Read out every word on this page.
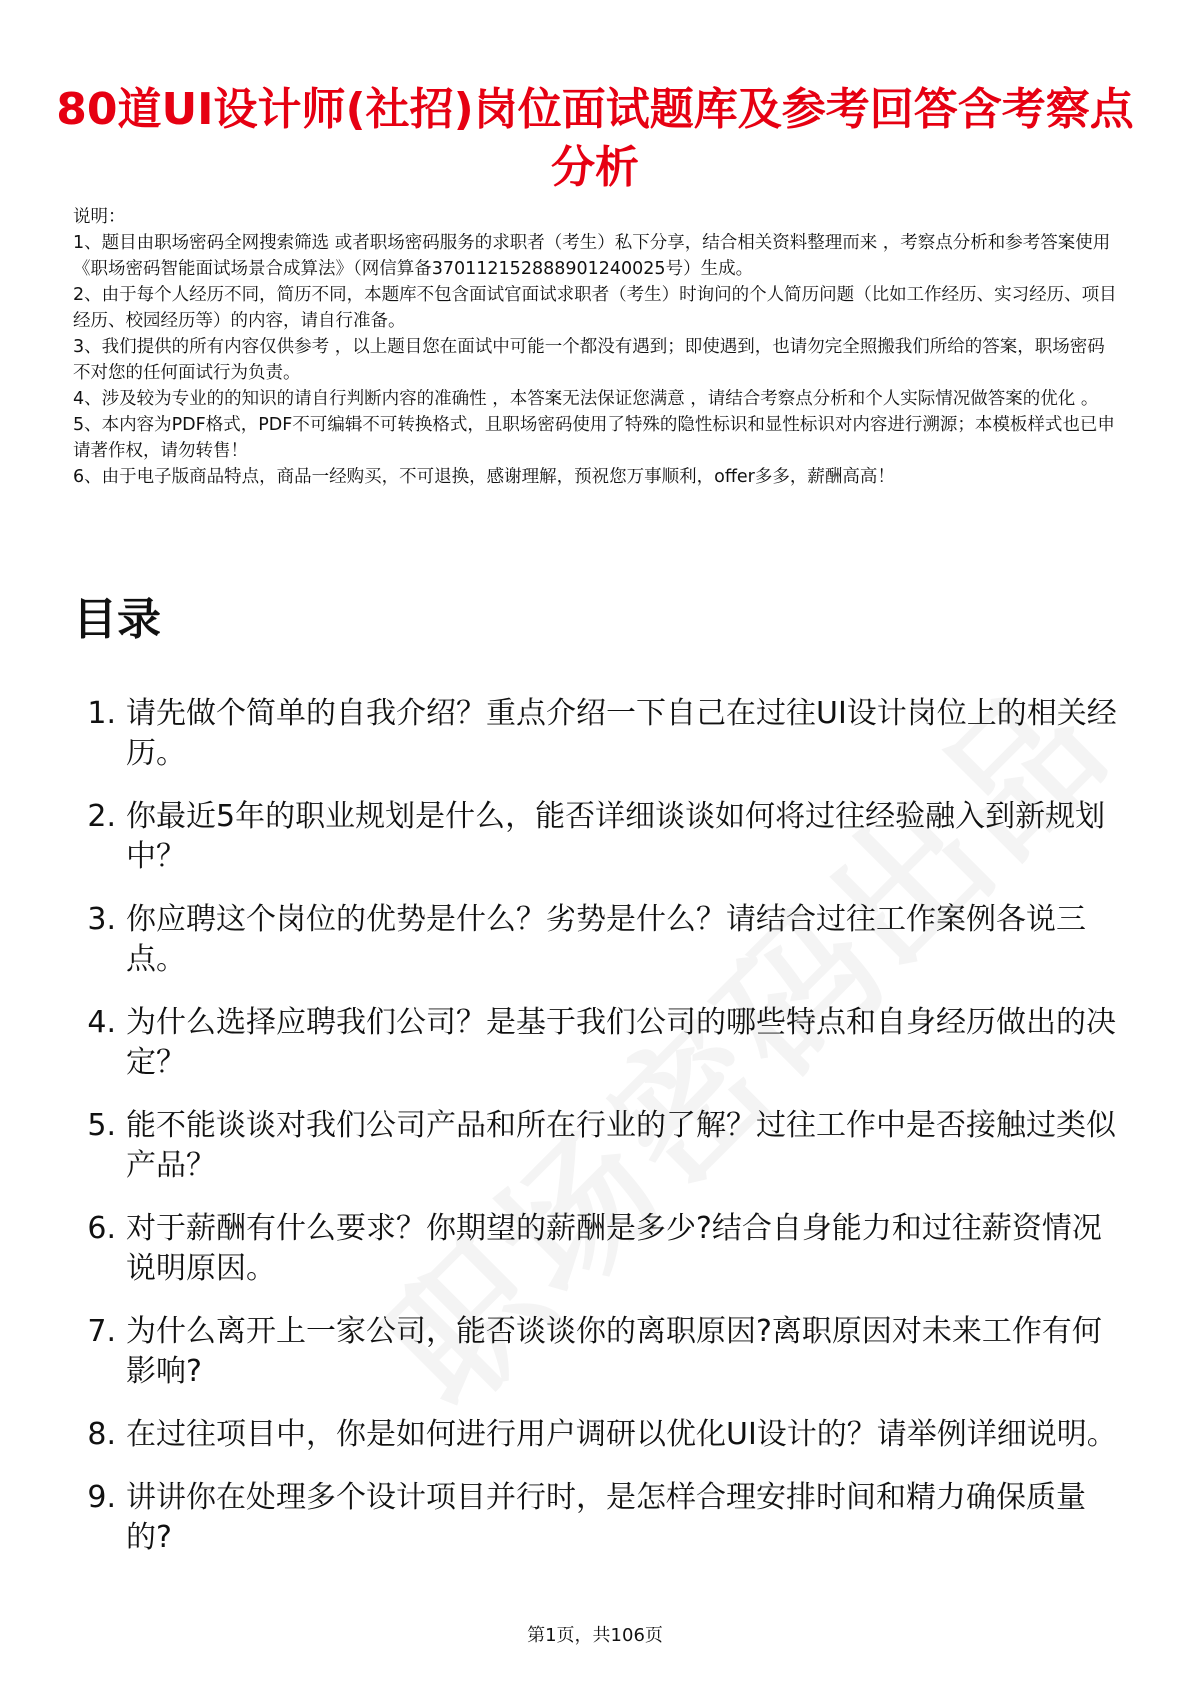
80道UI设计师(社招)岗位面试题库及参考回答含考察点分析

说明：

1、题目由职场密码全网搜索筛选 或者职场密码服务的求职者（考生）私下分享，结合相关资料整理而来 ，考察点分析和参考答案使用《职场密码智能面试场景合成算法》（网信算备370112152888901240025号）生成。

2、由于每个人经历不同，简历不同，本题库不包含面试官面试求职者（考生）时询问的个人简历问题（比如工作经历、实习经历、项目经历、校园经历等）的内容，请自行准备。

3、我们提供的所有内容仅供参考 ，以上题目您在面试中可能一个都没有遇到；即使遇到，也请勿完全照搬我们所给的答案，职场密码不对您的任何面试行为负责。

4、涉及较为专业的的知识的请自行判断内容的准确性 ，本答案无法保证您满意 ，请结合考察点分析和个人实际情况做答案的优化 。

5、本内容为PDF格式，PDF不可编辑不可转换格式，且职场密码使用了特殊的隐性标识和显性标识对内容进行溯源；本模板样式也已申请著作权，请勿转售！

6、由于电子版商品特点，商品一经购买，不可退换，感谢理解，预祝您万事顺利，offer多多，薪酬高高！

目录
1. 请先做个简单的自我介绍？重点介绍一下自己在过往UI设计岗位上的相关经历。
2. 你最近5年的职业规划是什么，能否详细谈谈如何将过往经验融入到新规划中？
3. 你应聘这个岗位的优势是什么？劣势是什么？请结合过往工作案例各说三点。
4. 为什么选择应聘我们公司？是基于我们公司的哪些特点和自身经历做出的决定？
5. 能不能谈谈对我们公司产品和所在行业的了解？过往工作中是否接触过类似产品？
6. 对于薪酬有什么要求？你期望的薪酬是多少?结合自身能力和过往薪资情况说明原因。
7. 为什么离开上一家公司，能否谈谈你的离职原因?离职原因对未来工作有何影响?
8. 在过往项目中，你是如何进行用户调研以优化UI设计的？请举例详细说明。
9. 讲讲你在处理多个设计项目并行时，是怎样合理安排时间和精力确保质量的?
第1页，共106页
